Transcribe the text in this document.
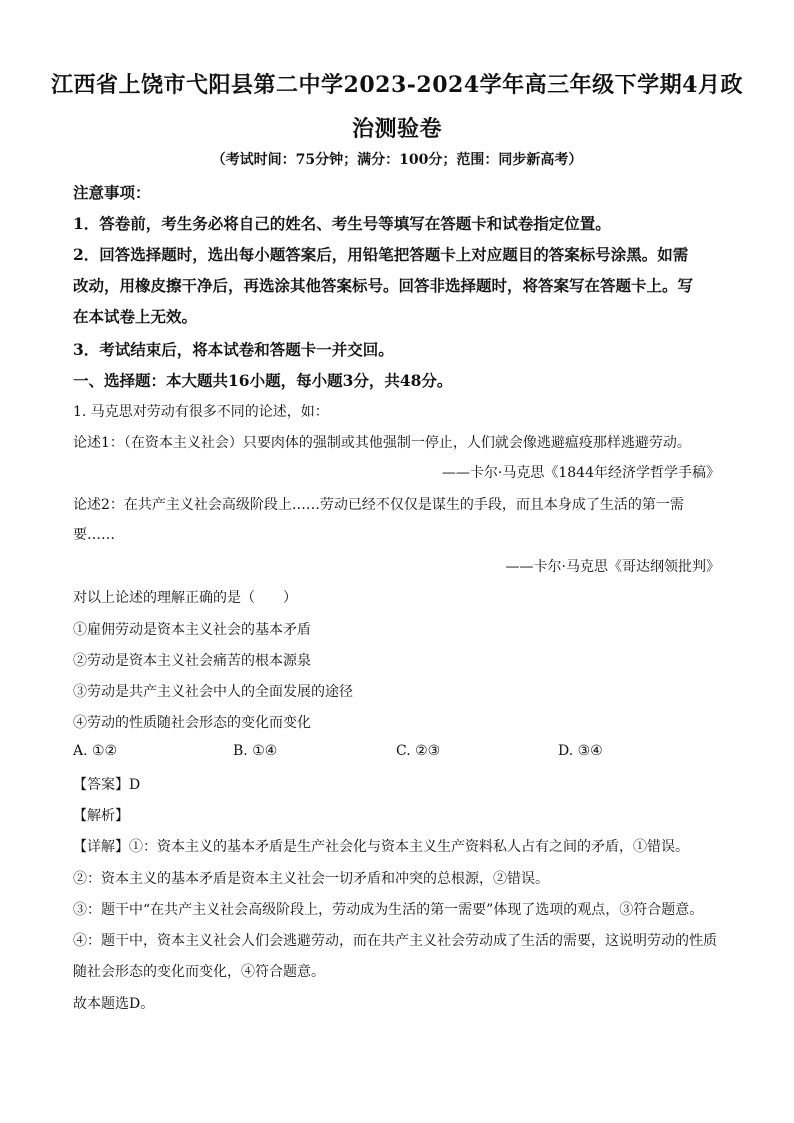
江西省上饶市弋阳县第二中学2023-2024学年高三年级下学期4月政
治测验卷
（考试时间：75分钟；满分：100分；范围：同步新高考）
注意事项：
1．答卷前，考生务必将自己的姓名、考生号等填写在答题卡和试卷指定位置。
2．回答选择题时，选出每小题答案后，用铅笔把答题卡上对应题目的答案标号涂黑。如需
改动，用橡皮擦干净后，再选涂其他答案标号。回答非选择题时，将答案写在答题卡上。写
在本试卷上无效。
3．考试结束后，将本试卷和答题卡一并交回。
一、选择题：本大题共16小题，每小题3分，共48分。
1. 马克思对劳动有很多不同的论述，如：
论述1：（在资本主义社会）只要肉体的强制或其他强制一停止，人们就会像逃避瘟疫那样逃避劳动。
——卡尔·马克思《1844年经济学哲学手稿》
论述2：在共产主义社会高级阶段上……劳动已经不仅仅是谋生的手段，而且本身成了生活的第一需
要……
——卡尔·马克思《哥达纲领批判》
对以上论述的理解正确的是（　　）
①雇佣劳动是资本主义社会的基本矛盾
②劳动是资本主义社会痛苦的根本源泉
③劳动是共产主义社会中人的全面发展的途径
④劳动的性质随社会形态的变化而变化
A. ①②	B. ①④	C. ②③	D. ③④
【答案】D
【解析】
【详解】①：资本主义的基本矛盾是生产社会化与资本主义生产资料私人占有之间的矛盾，①错误。
②：资本主义的基本矛盾是资本主义社会一切矛盾和冲突的总根源，②错误。
③：题干中“在共产主义社会高级阶段上，劳动成为生活的第一需要”体现了选项的观点，③符合题意。
④：题干中，资本主义社会人们会逃避劳动，而在共产主义社会劳动成了生活的需要，这说明劳动的性质
随社会形态的变化而变化，④符合题意。
故本题选D。
